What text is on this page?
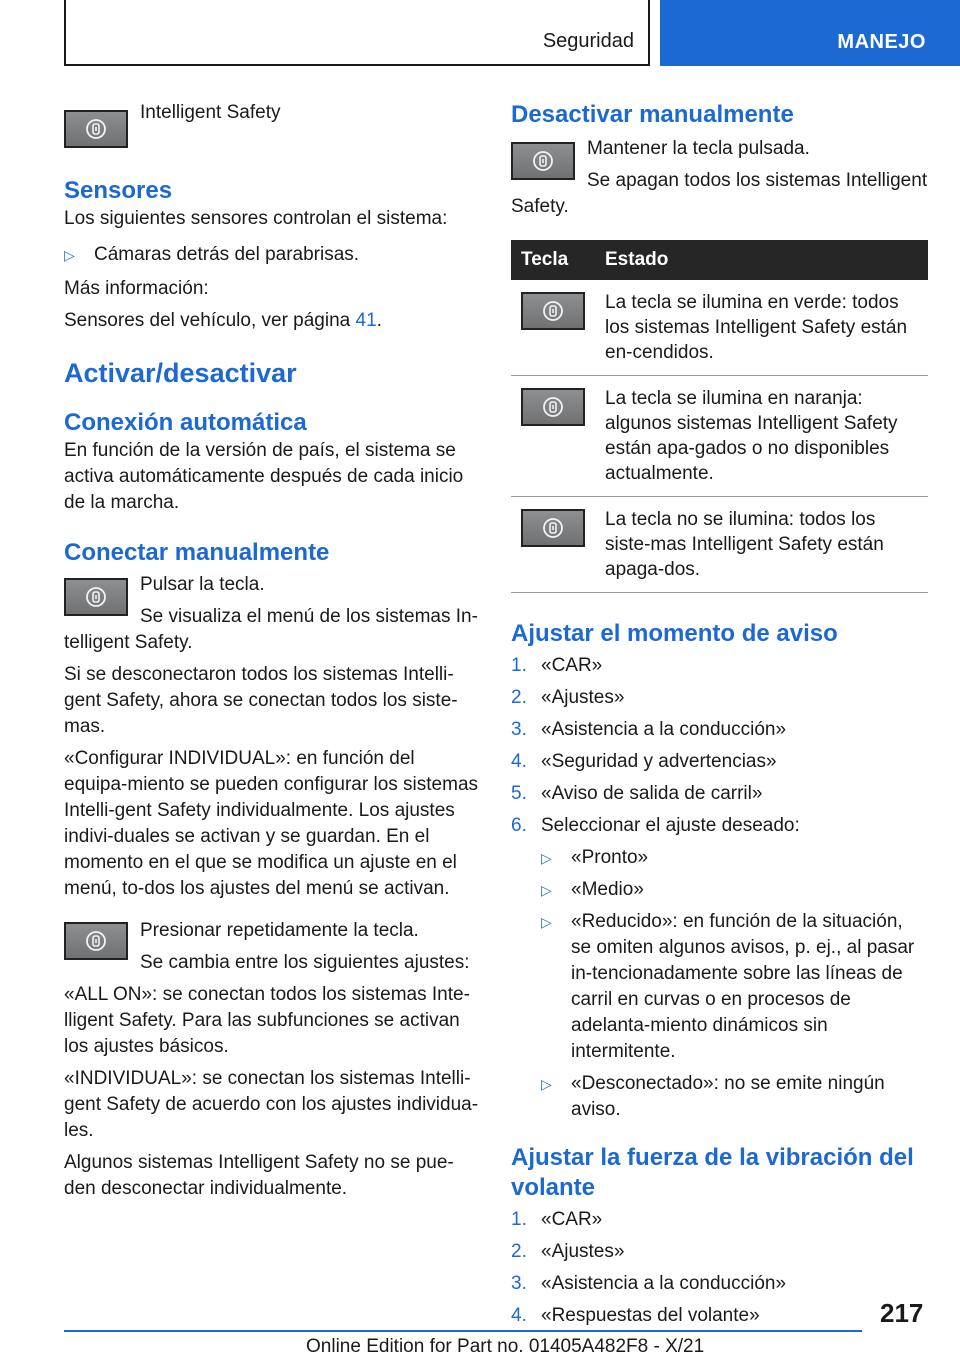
Seguridad	MANEJO

Intelligent Safety

Sensores

Los siguientes sensores controlan el sistema:

▷ Cámaras detrás del parabrisas.

Más información:

Sensores del vehículo, ver página 41.

Activar/desactivar
Conexión automática

En función de la versión de país, el sistema se activa automáticamente después de cada inicio de la marcha.

Conectar manualmente

Pulsar la tecla.

Se visualiza el menú de los sistemas In-

telligent Safety.

Si se desconectaron todos los sistemas Intelli-gent Safety, ahora se conectan todos los siste-mas.

«Configurar INDIVIDUAL»: en función del equipa-miento se pueden configurar los sistemas Intelli-gent Safety individualmente. Los ajustes indivi-duales se activan y se guardan. En el momento en el que se modifica un ajuste en el menú, to-dos los ajustes del menú se activan.

Presionar repetidamente la tecla.

Se cambia entre los siguientes ajustes:

«ALL ON»: se conectan todos los sistemas Inte-lligent Safety. Para las subfunciones se activan los ajustes básicos.

«INDIVIDUAL»: se conectan los sistemas Intelli-gent Safety de acuerdo con los ajustes individua-les.

Algunos sistemas Intelligent Safety no se pue-den desconectar individualmente.

Desactivar manualmente

Mantener la tecla pulsada.

Se apagan todos los sistemas Intelligent

Safety.

Tecla	Estado

	La tecla se ilumina en verde: todos los sistemas Intelligent Safety están en-cendidos.

	La tecla se ilumina en naranja: algunos sistemas Intelligent Safety están apa-gados o no disponibles actualmente.

	La tecla no se ilumina: todos los siste-mas Intelligent Safety están apaga-dos.
Ajustar el momento de aviso
1. «CAR»
2. «Ajustes»
3. «Asistencia a la conducción»
4. «Seguridad y advertencias»
5. «Aviso de salida de carril»
6. Seleccionar el ajuste deseado:
▷ «Pronto»
▷ «Medio»
▷ «Reducido»: en función de la situación, se omiten algunos avisos, p. ej., al pasar in-tencionadamente sobre las líneas de carril en curvas o en procesos de adelanta-miento dinámicos sin intermitente.
▷ «Desconectado»: no se emite ningún aviso.
Ajustar la fuerza de la vibración del volante
1. «CAR»
2. «Ajustes»
3. «Asistencia a la conducción»
4. «Respuestas del volante»	217
Online Edition for Part no. 01405A482F8 - X/21
